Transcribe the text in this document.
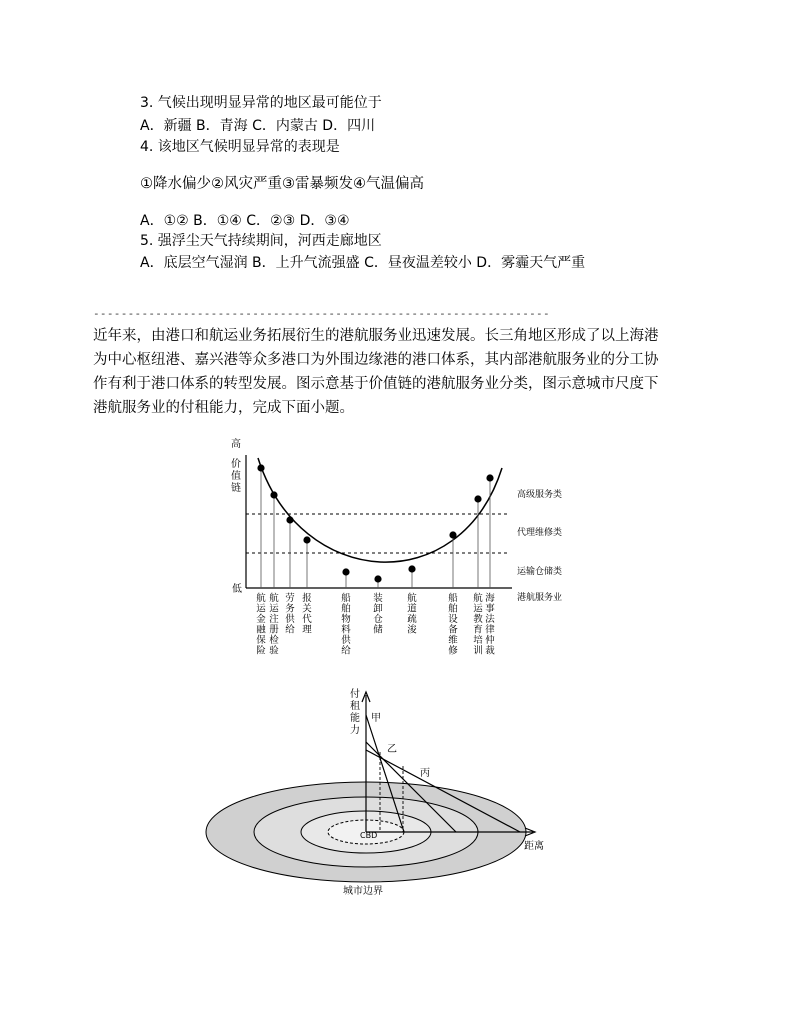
3. 气候出现明显异常的地区最可能位于
A．新疆 B．青海 C．内蒙古 D．四川
4. 该地区气候明显异常的表现是
①降水偏少②风灾严重③雷暴频发④气温偏高
A．①② B．①④ C．②③ D．③④
5. 强浮尘天气持续期间，河西走廊地区
A．底层空气湿润 B．上升气流强盛 C．昼夜温差较小 D．雾霾天气严重
------------------------------------------------------------------
近年来，由港口和航运业务拓展衍生的港航服务业迅速发展。长三角地区形成了以上海港
为中心枢纽港、嘉兴港等众多港口为外围边缘港的港口体系，其内部港航服务业的分工协
作有利于港口体系的转型发展。图示意基于价值链的港航服务业分类，图示意城市尺度下
港航服务业的付租能力，完成下面小题。
高
低
价
值
链
高级服务类
代理维修类
运输仓储类
港航服务业
航
运
金
融
保
险
航
运
注
册
检
验
劳
务
供
给
报
关
代
理
船
舶
物
料
供
给
装
卸
仓
储
航
道
疏
浚
船
舶
设
备
维
修
航
运
教
育
培
训
海
事
法
律
仲
裁
甲
乙
丙
付
租
能
力
距离
CBD
城市边界
